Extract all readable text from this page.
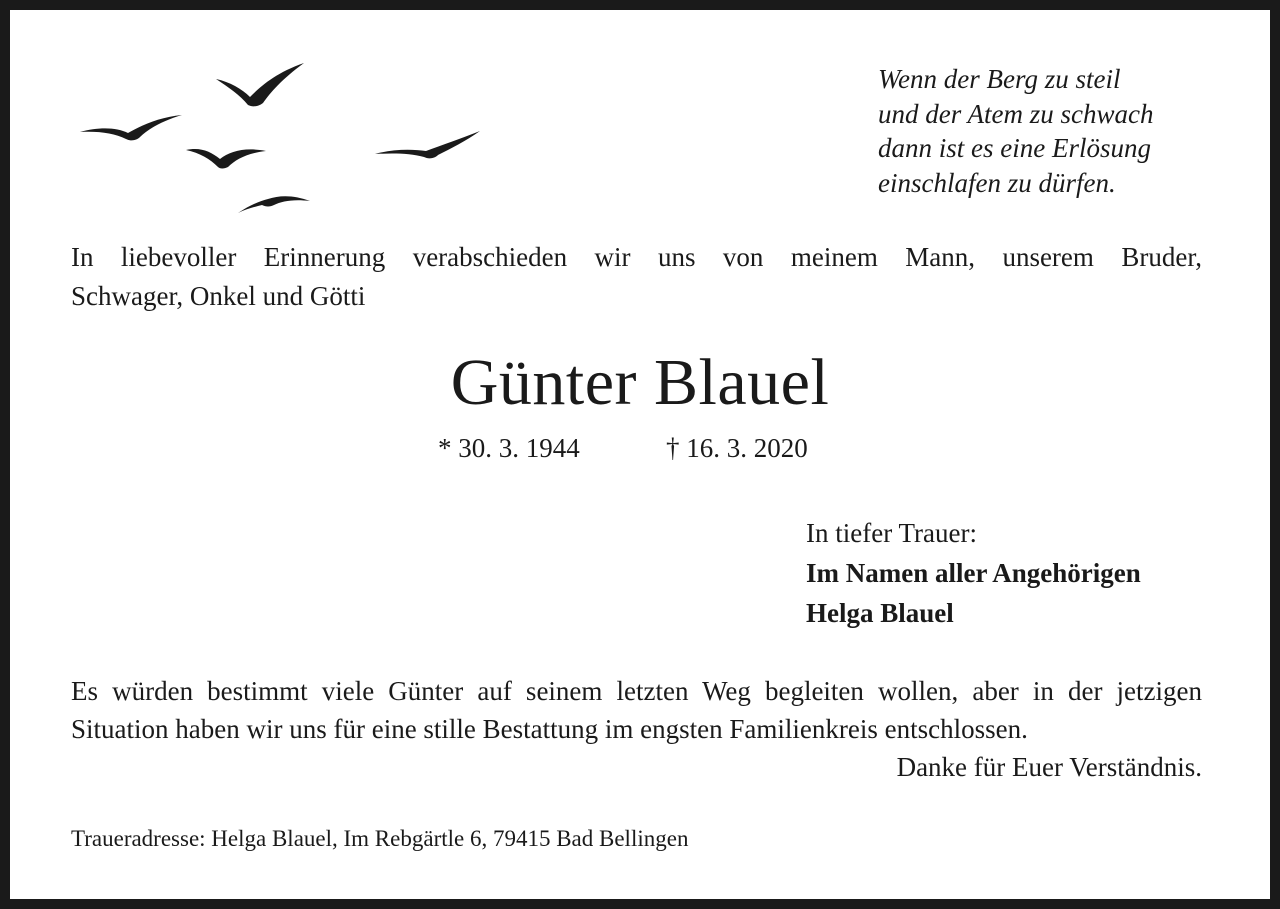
Wenn der Berg zu steil
und der Atem zu schwach
dann ist es eine Erlösung
einschlafen zu dürfen.
In liebevoller Erinnerung verabschieden wir uns von meinem Mann, unserem Bruder,
Schwager, Onkel und Götti
Günter Blauel
* 30. 3. 1944	† 16. 3. 2020
In tiefer Trauer:
Im Namen aller Angehörigen
Helga Blauel
Es würden bestimmt viele Günter auf seinem letzten Weg begleiten wollen, aber in der jetzigen
Situation haben wir uns für eine stille Bestattung im engsten Familienkreis entschlossen.
Danke für Euer Verständnis.
Traueradresse: Helga Blauel, Im Rebgärtle 6, 79415 Bad Bellingen
